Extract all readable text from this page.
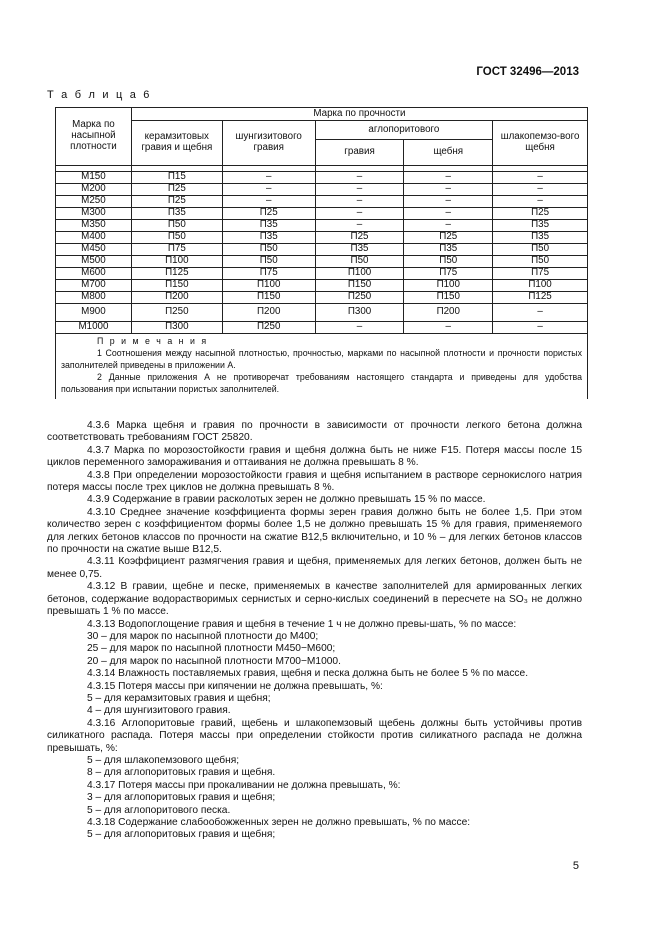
ГОСТ 32496—2013
Т а б л и ц а 6
Марка по насыпной плотности	Марка по прочности				
	керамзитовых гравия и щебня	шунгизитового гравия	аглопоритового		шлакопемзо-вого щебня
			гравия	щебня	

М150	П15	–	–	–	–
М200	П25	–	–	–	–
М250	П25	–	–	–	–
М300	П35	П25	–	–	П25
М350	П50	П35	–	–	П35
М400	П50	П35	П25	П25	П35
М450	П75	П50	П35	П35	П50
М500	П100	П50	П50	П50	П50
М600	П125	П75	П100	П75	П75
М700	П150	П100	П150	П100	П100
М800	П200	П150	П250	П150	П125
М900	П250	П200	П300	П200	–
М1000	П300	П250	–	–	–

П р и м е ч а н и я

1 Соотношения между насыпной плотностью, прочностью, марками по насыпной плотности и прочности пористых заполнителей приведены в приложении А.

2 Данные приложения А не противоречат требованиям настоящего стандарта и приведены для удобства пользования при испытании пористых заполнителей.					

4.3.6 Марка щебня и гравия по прочности в зависимости от прочности легкого бетона должна соответствовать требованиям ГОСТ 25820.

4.3.7 Марка по морозостойкости гравия и щебня должна быть не ниже F15. Потеря массы после 15 циклов переменного замораживания и оттаивания не должна превышать 8 %.

4.3.8 При определении морозостойкости гравия и щебня испытанием в растворе сернокислого натрия потеря массы после трех циклов не должна превышать 8 %.

4.3.9 Содержание в гравии расколотых зерен не должно превышать 15 % по массе.

4.3.10 Среднее значение коэффициента формы зерен гравия должно быть не более 1,5. При этом количество зерен с коэффициентом формы более 1,5 не должно превышать 15 % для гравия, применяемого для легких бетонов классов по прочности на сжатие B12,5 включительно, и 10 % – для легких бетонов классов по прочности на сжатие выше B12,5.

4.3.11 Коэффициент размягчения гравия и щебня, применяемых для легких бетонов, должен быть не менее 0,75.

4.3.12 В гравии, щебне и песке, применяемых в качестве заполнителей для армированных легких бетонов, содержание водорастворимых сернистых и серно-кислых соединений в пересчете на SO₃ не должно превышать 1 % по массе.

4.3.13 Водопоглощение гравия и щебня в течение 1 ч не должно превы-шать, % по массе:

30 – для марок по насыпной плотности до М400;

25 – для марок по насыпной плотности М450−М600;

20 – для марок по насыпной плотности М700−М1000.

4.3.14 Влажность поставляемых гравия, щебня и песка должна быть не более 5 % по массе.

4.3.15 Потеря массы при кипячении не должна превышать, %:

5 – для керамзитовых гравия и щебня;

4 – для шунгизитового гравия.

4.3.16 Аглопоритовые гравий, щебень и шлакопемзовый щебень должны быть устойчивы против силикатного распада. Потеря массы при определении стойкости против силикатного распада не должна превышать, %:

5 – для шлакопемзового щебня;

8 – для аглопоритовых гравия и щебня.

4.3.17 Потеря массы при прокаливании не должна превышать, %:

3 – для аглопоритовых гравия и щебня;

5 – для аглопоритового песка.

4.3.18 Содержание слабообожженных зерен не должно превышать, % по массе:

5 – для аглопоритовых гравия и щебня;

5
